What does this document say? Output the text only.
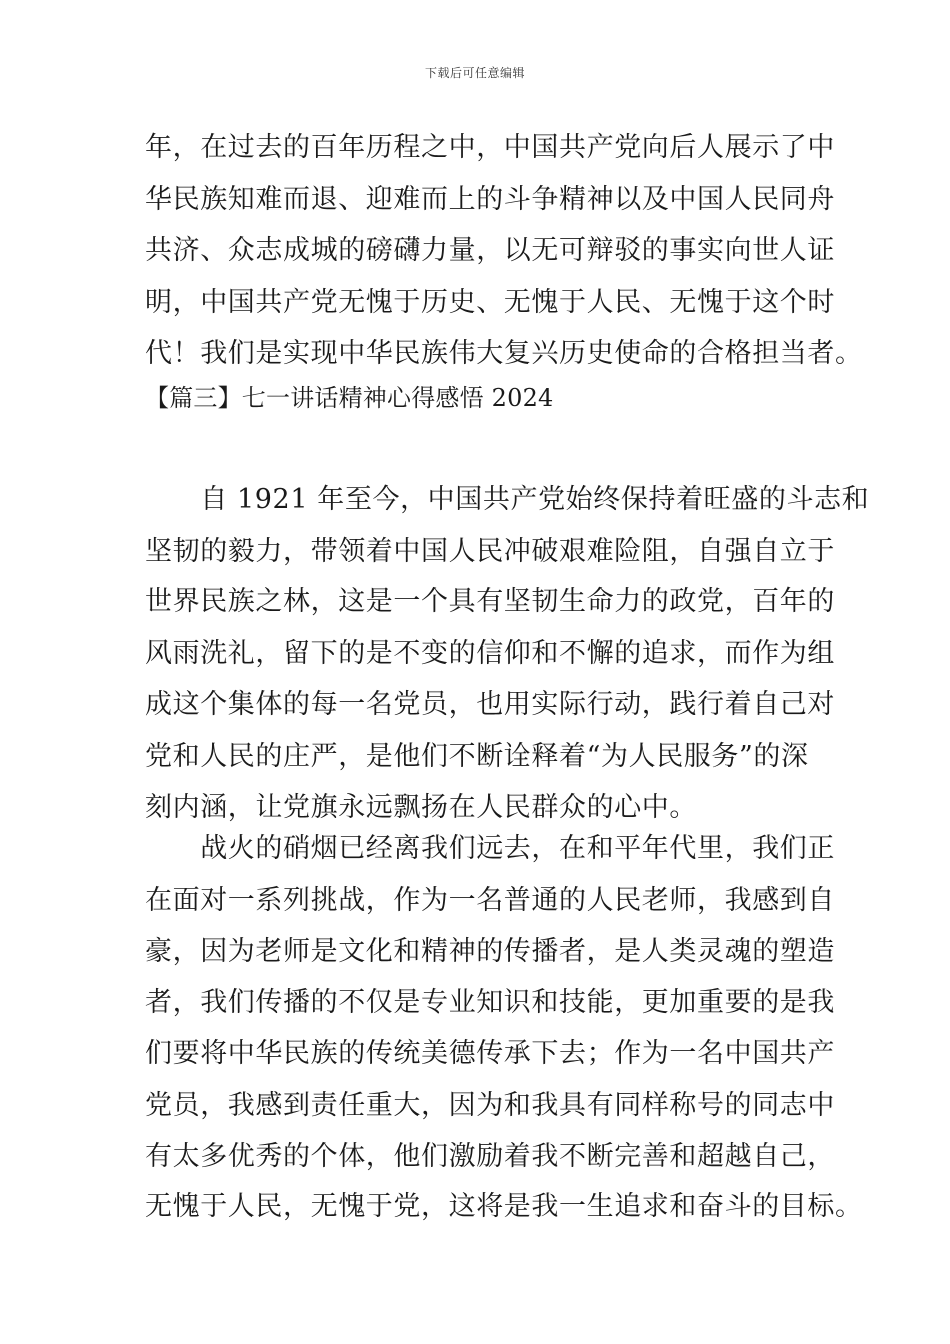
下载后可任意编辑
年，在过去的百年历程之中，中国共产党向后人展示了中
华民族知难而退、迎难而上的斗争精神以及中国人民同舟
共济、众志成城的磅礴力量，以无可辩驳的事实向世人证
明，中国共产党无愧于历史、无愧于人民、无愧于这个时
代！我们是实现中华民族伟大复兴历史使命的合格担当者。
【篇三】七一讲话精神心得感悟 2024
　　自 1921 年至今，中国共产党始终保持着旺盛的斗志和
坚韧的毅力，带领着中国人民冲破艰难险阻，自强自立于
世界民族之林，这是一个具有坚韧生命力的政党，百年的
风雨洗礼，留下的是不变的信仰和不懈的追求，而作为组
成这个集体的每一名党员，也用实际行动，践行着自己对
党和人民的庄严，是他们不断诠释着“为人民服务”的深
刻内涵，让党旗永远飘扬在人民群众的心中。
　　战火的硝烟已经离我们远去，在和平年代里，我们正
在面对一系列挑战，作为一名普通的人民老师，我感到自
豪，因为老师是文化和精神的传播者，是人类灵魂的塑造
者，我们传播的不仅是专业知识和技能，更加重要的是我
们要将中华民族的传统美德传承下去；作为一名中国共产
党员，我感到责任重大，因为和我具有同样称号的同志中
有太多优秀的个体，他们激励着我不断完善和超越自己，
无愧于人民，无愧于党，这将是我一生追求和奋斗的目标。
